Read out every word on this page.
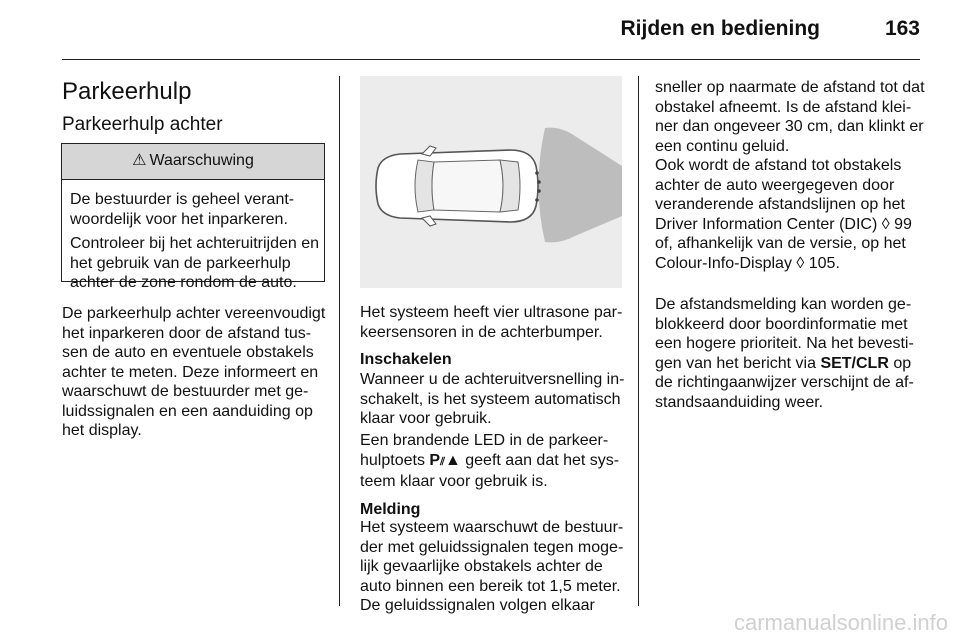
Rijden en bediening	163
Parkeerhulp
Parkeerhulp achter
⚠ Waarschuwing
De bestuurder is geheel verant-woordelijk voor het inparkeren.
Controleer bij het achteruitrijden en het gebruik van de parkeerhulp achter de zone rondom de auto.
De parkeerhulp achter vereenvoudigt het inparkeren door de afstand tus-sen de auto en eventuele obstakels achter te meten. Deze informeert en waarschuwt de bestuurder met ge-luidssignalen en een aanduiding op het display.
Het systeem heeft vier ultrasone par-keersensoren in de achterbumper.
Inschakelen
Wanneer u de achteruitversnelling in-schakelt, is het systeem automatisch klaar voor gebruik.
Een brandende LED in de parkeer-hulptoets P⫽▲ geeft aan dat het sys-teem klaar voor gebruik is.
Melding
Het systeem waarschuwt de bestuur-der met geluidssignalen tegen moge-lijk gevaarlijke obstakels achter de auto binnen een bereik tot 1,5 meter. De geluidssignalen volgen elkaar
sneller op naarmate de afstand tot dat obstakel afneemt. Is de afstand klei-ner dan ongeveer 30 cm, dan klinkt er een continu geluid.
Ook wordt de afstand tot obstakels achter de auto weergegeven door veranderende afstandslijnen op het Driver Information Center (DIC) ◊ 99 of, afhankelijk van de versie, op het Colour-Info-Display ◊ 105.
De afstandsmelding kan worden ge-blokkeerd door boordinformatie met een hogere prioriteit. Na het bevesti-gen van het bericht via SET/CLR op de richtingaanwijzer verschijnt de af-standsaanduiding weer.
carmanualsonline.info
